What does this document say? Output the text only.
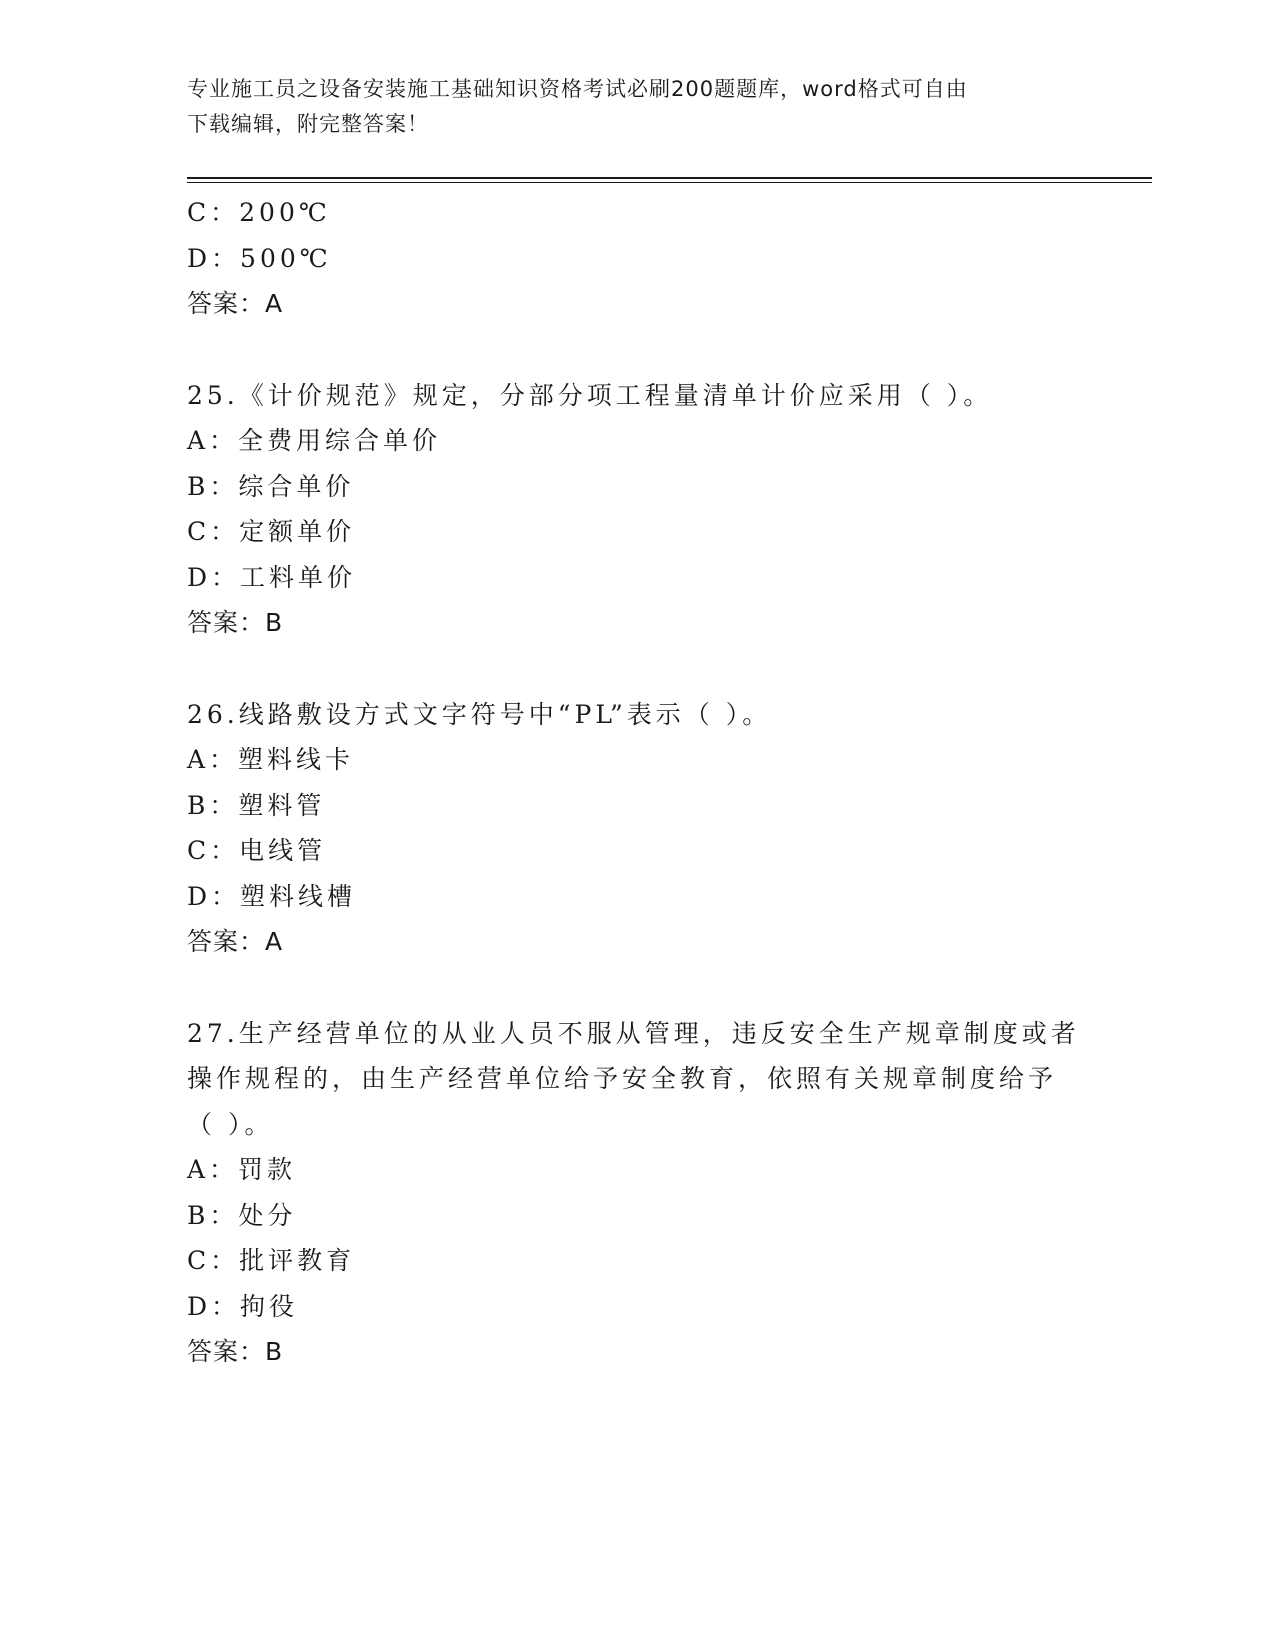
专业施工员之设备安装施工基础知识资格考试必刷200题题库，word格式可自由
下载编辑，附完整答案！
C：200℃
D：500℃
答案：A
25.《计价规范》规定，分部分项工程量清单计价应采用（ ）。
A：全费用综合单价
B：综合单价
C：定额单价
D：工料单价
答案：B
26.线路敷设方式文字符号中“PL”表示（ ）。
A：塑料线卡
B：塑料管
C：电线管
D：塑料线槽
答案：A
27.生产经营单位的从业人员不服从管理，违反安全生产规章制度或者
操作规程的，由生产经营单位给予安全教育，依照有关规章制度给予
（ ）。
A：罚款
B：处分
C：批评教育
D：拘役
答案：B
